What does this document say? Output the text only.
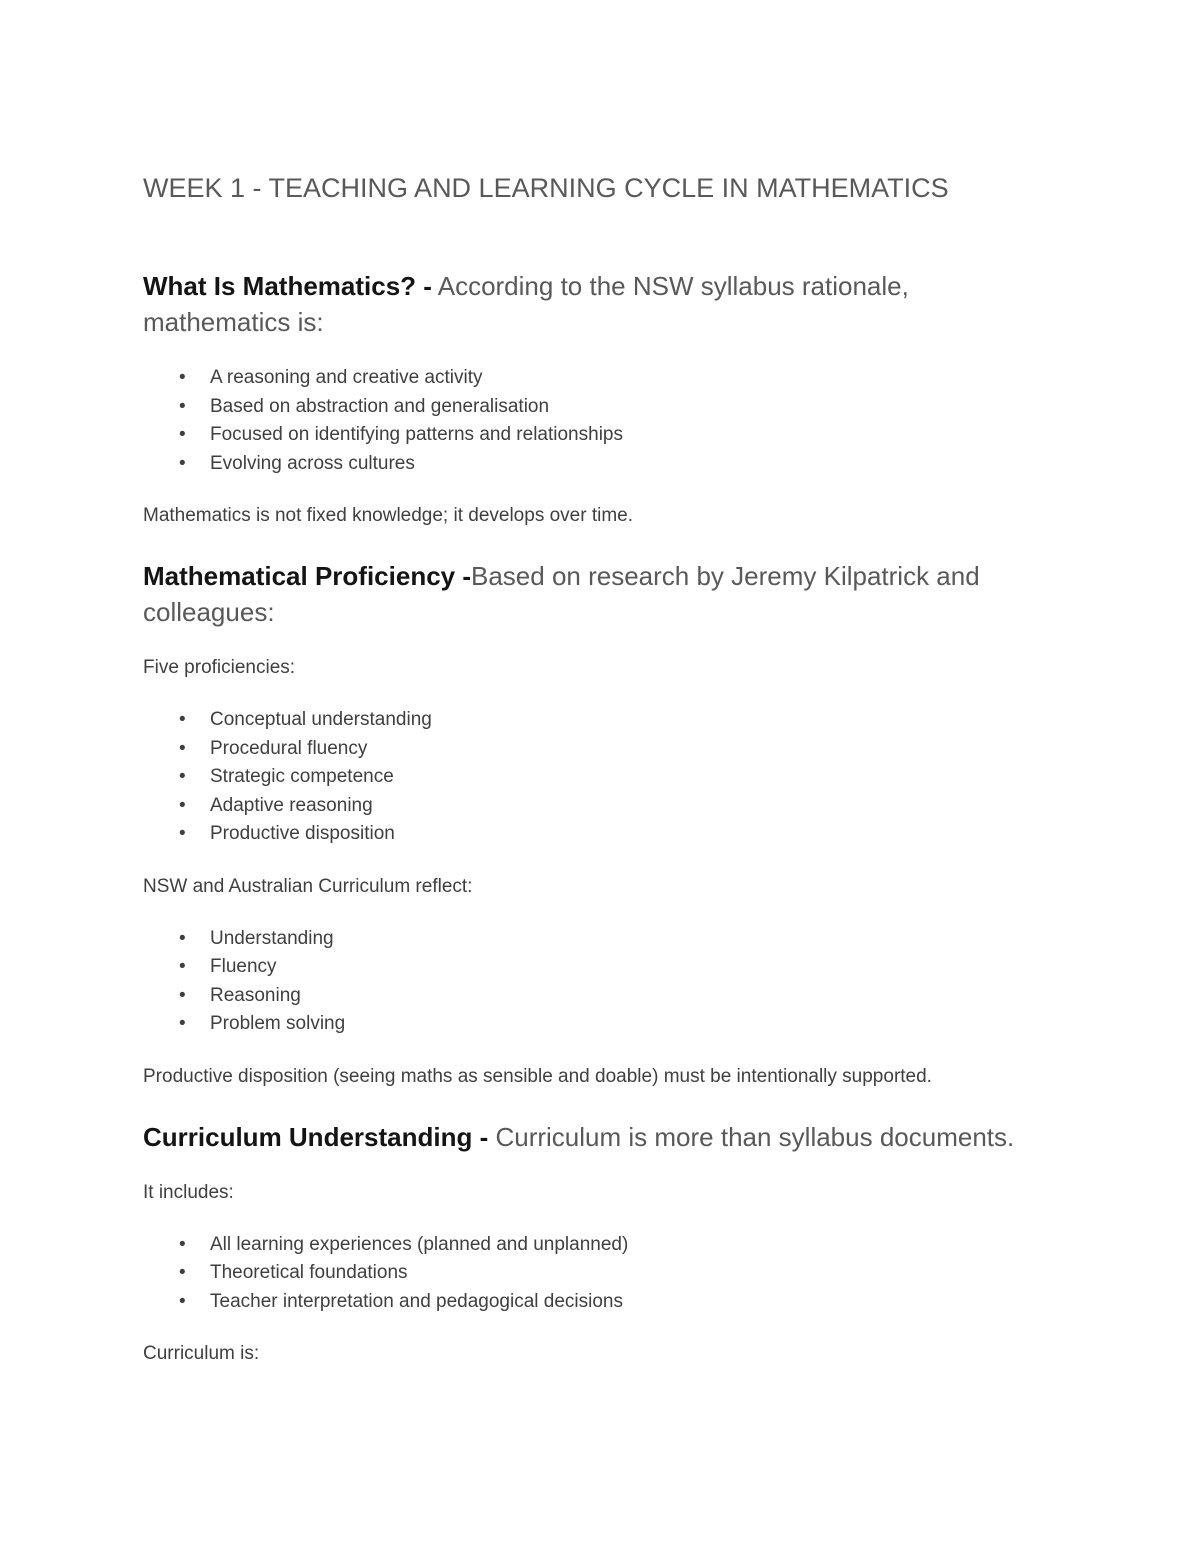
WEEK 1 - TEACHING AND LEARNING CYCLE IN MATHEMATICS
What Is Mathematics? - According to the NSW syllabus rationale, mathematics is:
• A reasoning and creative activity
• Based on abstraction and generalisation
• Focused on identifying patterns and relationships
• Evolving across cultures

Mathematics is not fixed knowledge; it develops over time.

Mathematical Proficiency -Based on research by Jeremy Kilpatrick and colleagues:

Five proficiencies:

• Conceptual understanding
• Procedural fluency
• Strategic competence
• Adaptive reasoning
• Productive disposition

NSW and Australian Curriculum reflect:

• Understanding
• Fluency
• Reasoning
• Problem solving

Productive disposition (seeing maths as sensible and doable) must be intentionally supported.

Curriculum Understanding - Curriculum is more than syllabus documents.

It includes:

• All learning experiences (planned and unplanned)
• Theoretical foundations
• Teacher interpretation and pedagogical decisions

Curriculum is:
